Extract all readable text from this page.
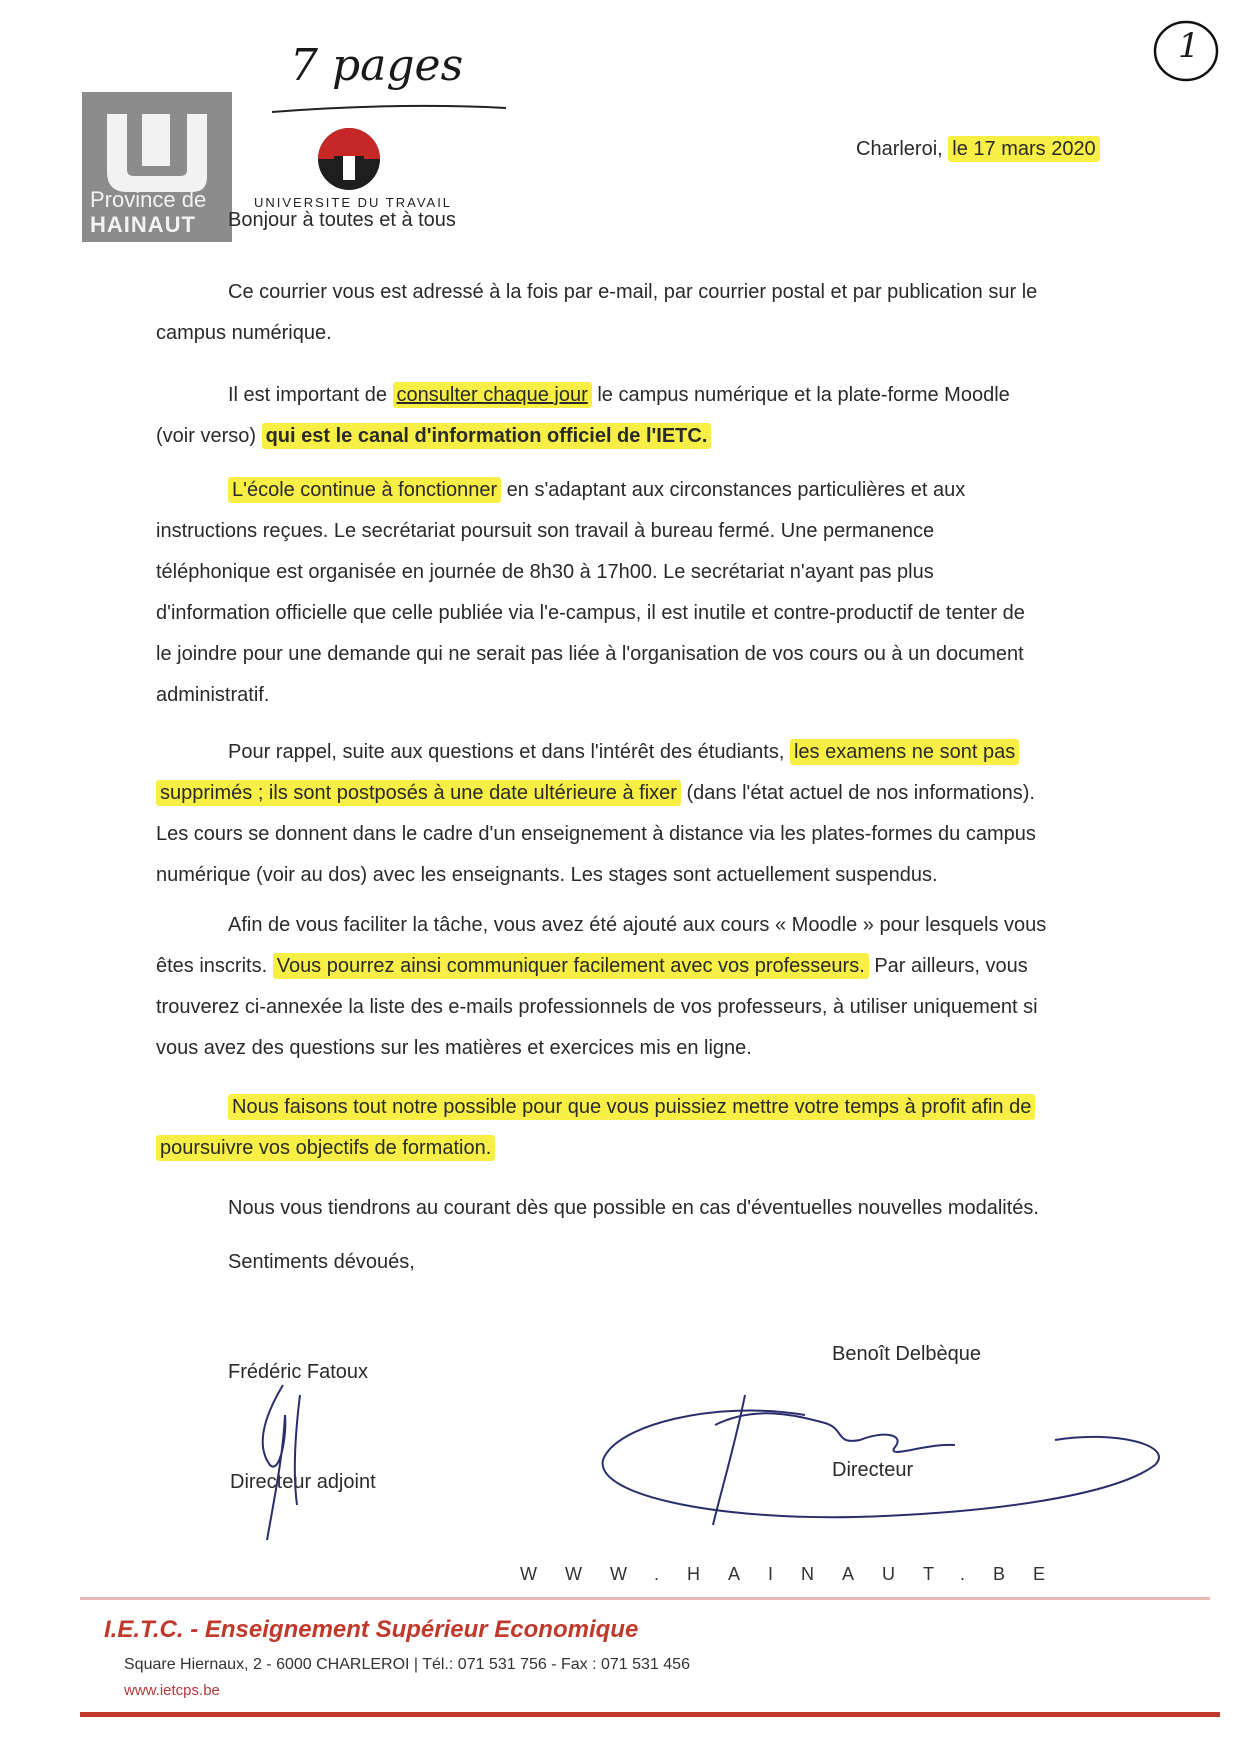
7 pages	1
Province de
HAINAUT
UNIVERSITE DU TRAVAIL
Charleroi, le 17 mars 2020
Bonjour à toutes et à tous
Ce courrier vous est adressé à la fois par e-mail, par courrier postal et par publication sur le
campus numérique.
Il est important de consulter chaque jour le campus numérique et la plate-forme Moodle
(voir verso) qui est le canal d'information officiel de l'IETC.
L'école continue à fonctionner en s'adaptant aux circonstances particulières et aux
instructions reçues. Le secrétariat poursuit son travail à bureau fermé. Une permanence
téléphonique est organisée en journée de 8h30 à 17h00. Le secrétariat n'ayant pas plus
d'information officielle que celle publiée via l'e-campus, il est inutile et contre-productif de tenter de
le joindre pour une demande qui ne serait pas liée à l'organisation de vos cours ou à un document
administratif.
Pour rappel, suite aux questions et dans l'intérêt des étudiants, les examens ne sont pas
supprimés ; ils sont postposés à une date ultérieure à fixer (dans l'état actuel de nos informations).
Les cours se donnent dans le cadre d'un enseignement à distance via les plates-formes du campus
numérique (voir au dos) avec les enseignants. Les stages sont actuellement suspendus.
Afin de vous faciliter la tâche, vous avez été ajouté aux cours « Moodle » pour lesquels vous
êtes inscrits. Vous pourrez ainsi communiquer facilement avec vos professeurs. Par ailleurs, vous
trouverez ci-annexée la liste des e-mails professionnels de vos professeurs, à utiliser uniquement si
vous avez des questions sur les matières et exercices mis en ligne.
Nous faisons tout notre possible pour que vous puissiez mettre votre temps à profit afin de
poursuivre vos objectifs de formation.
Nous vous tiendrons au courant dès que possible en cas d'éventuelles nouvelles modalités.
Sentiments dévoués,
Frédéric Fatoux
Directeur adjoint
Benoît Delbèque
Directeur
WWW.HAINAUT.BE
I.E.T.C. - Enseignement Supérieur Economique
Square Hiernaux, 2 - 6000 CHARLEROI | Tél.: 071 531 756 - Fax : 071 531 456
www.ietcps.be
